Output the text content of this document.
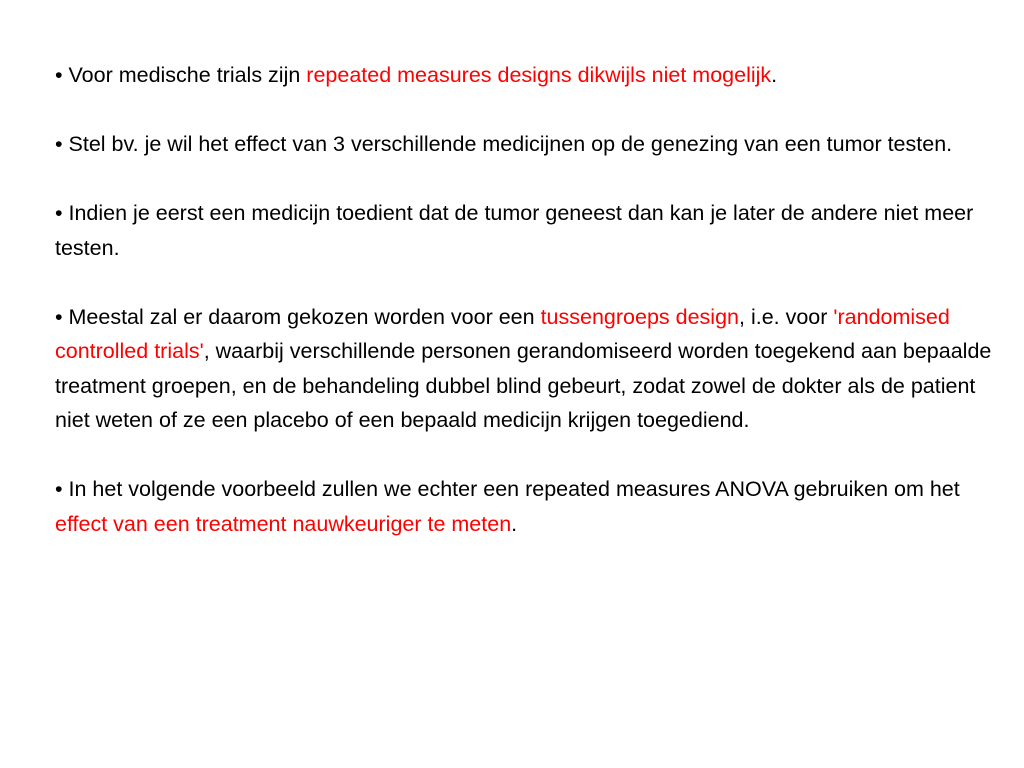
• Voor medische trials zijn repeated measures designs dikwijls niet mogelijk.

• Stel bv. je wil het effect van 3 verschillende medicijnen op de genezing van een tumor testen.

• Indien je eerst een medicijn toedient dat de tumor geneest dan kan je later de andere niet meer testen.

• Meestal zal er daarom gekozen worden voor een tussengroeps design, i.e. voor 'randomised controlled trials', waarbij verschillende personen gerandomiseerd worden toegekend aan bepaalde treatment groepen, en de behandeling dubbel blind gebeurt, zodat zowel de dokter als de patient niet weten of ze een placebo of een bepaald medicijn krijgen toegediend.

• In het volgende voorbeeld zullen we echter een repeated measures ANOVA gebruiken om het effect van een treatment nauwkeuriger te meten.
